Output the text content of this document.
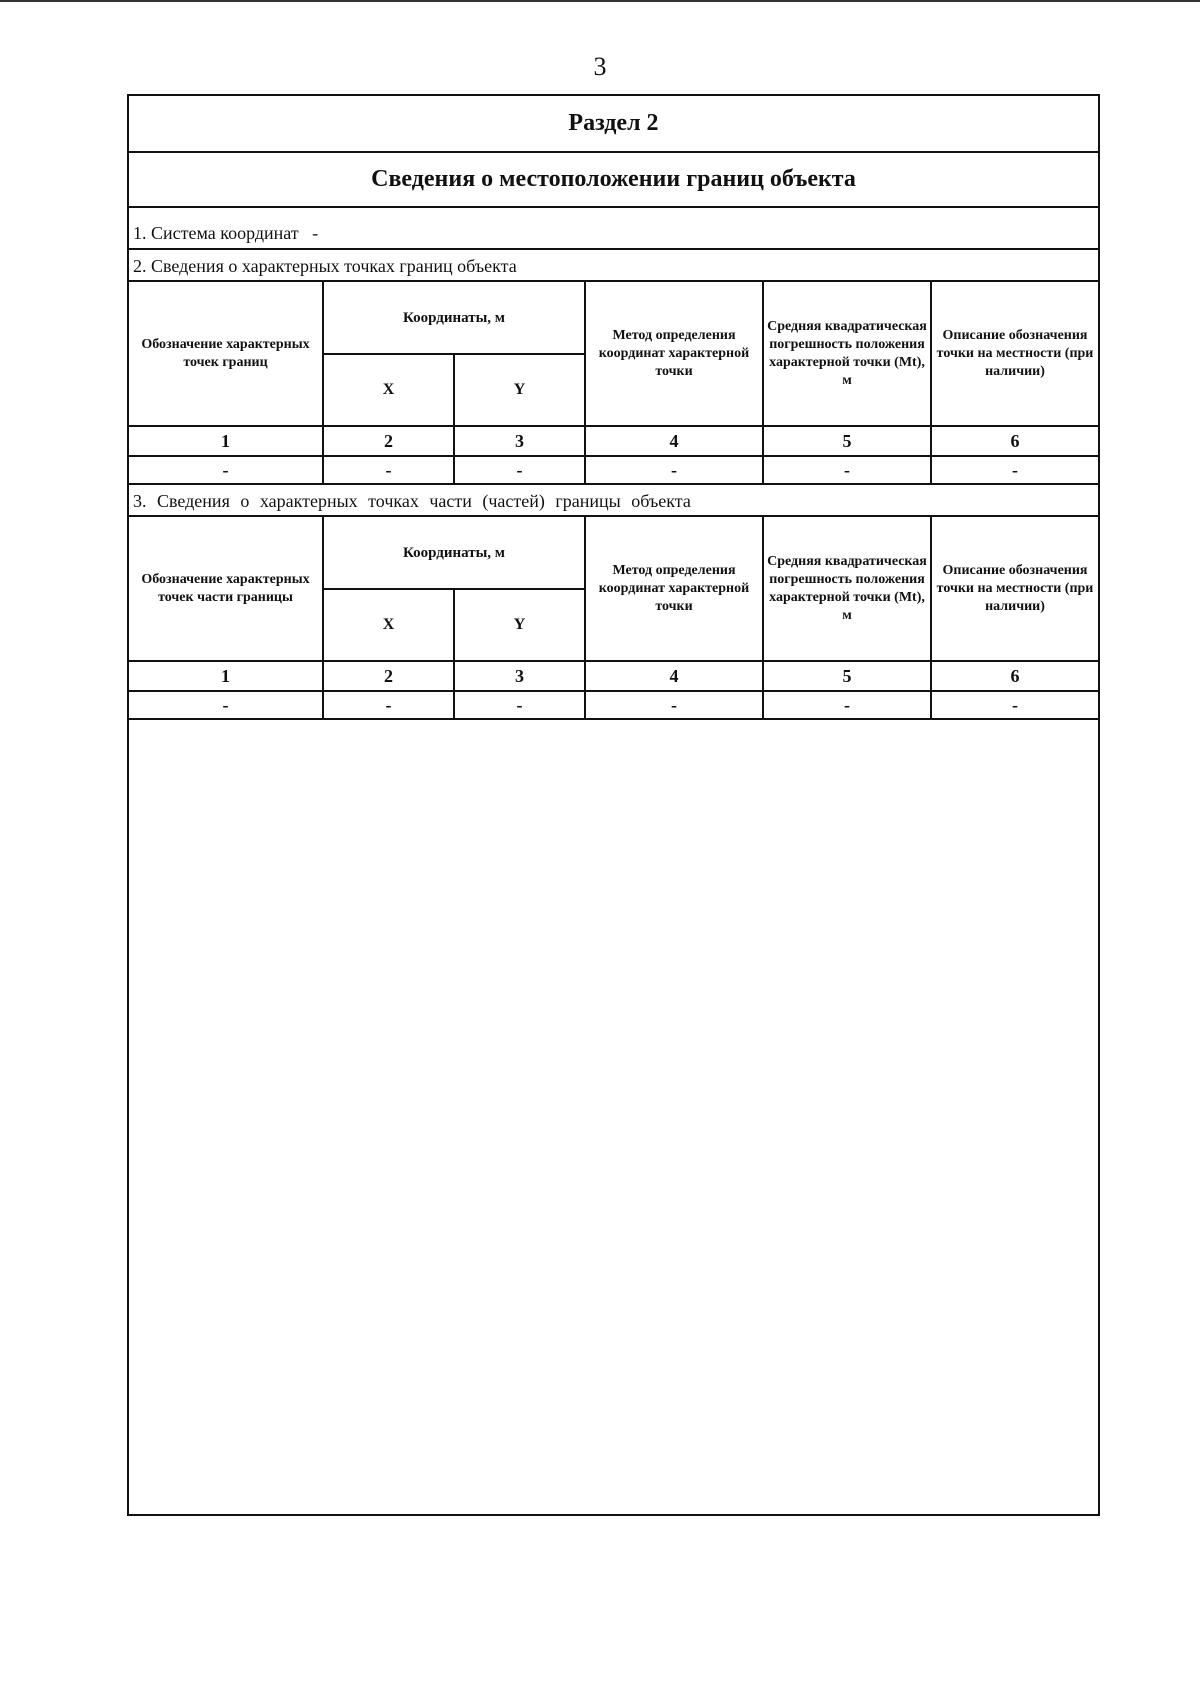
3
Раздел 2
Сведения о местоположении границ объекта
1. Система координат -
2. Сведения о характерных точках границ объекта
Обозначение характерных точек границ	Координаты, м		Метод определения координат характерной точки	Средняя квадратическая погрешность положения характерной точки (Mt), м	Описание обозначения точки на местности (при наличии)
	X	Y			
1	2	3	4	5	6
-	-	-	-	-	-
3. Сведения о характерных точках части (частей) границы объекта
Обозначение характерных точек части границы	Координаты, м		Метод определения координат характерной точки	Средняя квадратическая погрешность положения характерной точки (Mt), м	Описание обозначения точки на местности (при наличии)
	X	Y			
1	2	3	4	5	6
-	-	-	-	-	-
